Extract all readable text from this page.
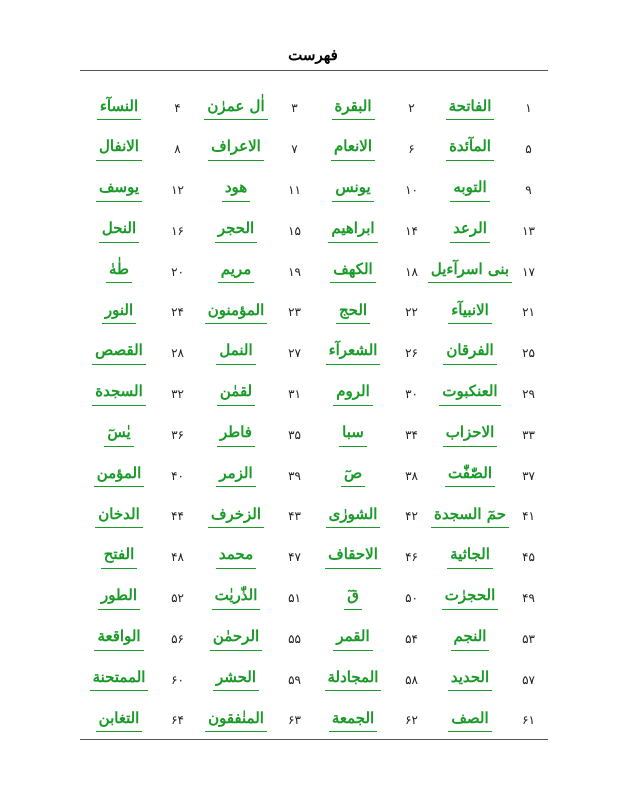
فهرست
١
الفاتحة
٢
البقرة
٣
اٰل عمرٰن
۴
النسآء
۵
المآئدة
۶
الانعام
٧
الاعراف
٨
الانفال
٩
التوبه
١٠
يونس
١١
هود
١٢
يوسف
١٣
الرعد
١۴
ابراهيم
١۵
الحجر
١۶
النحل
١٧
بنی اسرآءيل
١٨
الكهف
١٩
مريم
٢٠
طٰهٰ
٢١
الانبيآء
٢٢
الحج
٢٣
المؤمنون
٢۴
النور
٢۵
الفرقان
٢۶
الشعرآء
٢٧
النمل
٢٨
القصص
٢٩
العنكبوت
٣٠
الروم
٣١
لقمٰن
٣٢
السجدة
٣٣
الاحزاب
٣۴
سبا
٣۵
فاطر
٣۶
يٰسٓ
٣٧
الصّٰفّٰت
٣٨
صٓ
٣٩
الزمر
۴٠
المؤمن
۴١
حمٓ السجدة
۴٢
الشورٰى
۴٣
الزخرف
۴۴
الدخان
۴۵
الجاثية
۴۶
الاحقاف
۴٧
محمد
۴٨
الفتح
۴٩
الحجرٰت
۵٠
قٓ
۵١
الذّٰريٰت
۵٢
الطور
۵٣
النجم
۵۴
القمر
۵۵
الرحمٰن
۵۶
الواقعة
۵٧
الحديد
۵٨
المجادلة
۵٩
الحشر
۶٠
الممتحنة
۶١
الصف
۶٢
الجمعة
۶٣
المنٰفقون
۶۴
التغابن
